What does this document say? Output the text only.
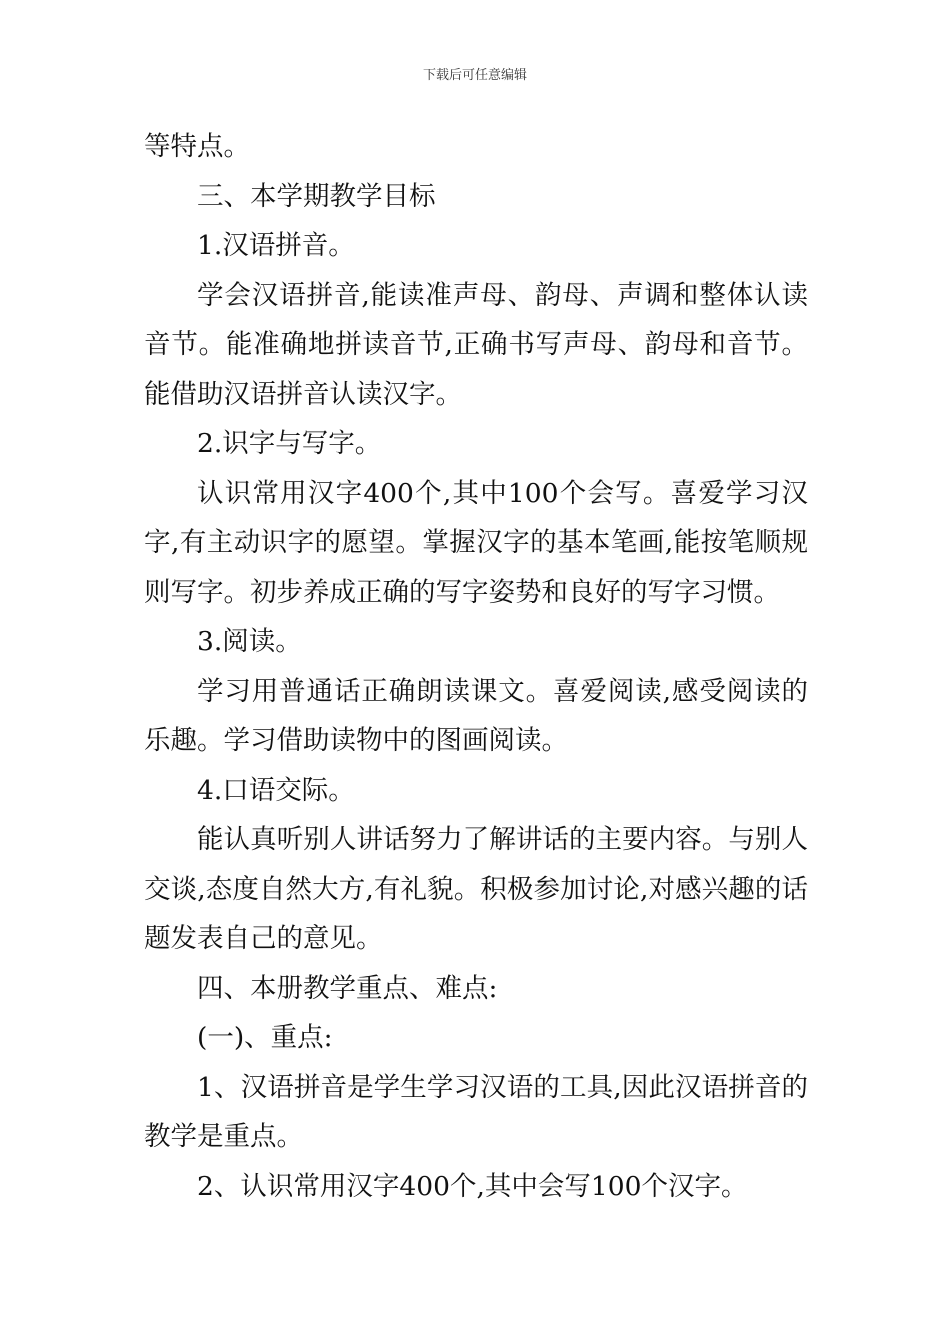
下载后可任意编辑

等特点。

三、本学期教学目标

1.汉语拼音。

学会汉语拼音,能读准声母、韵母、声调和整体认读音节。能准确地拼读音节,正确书写声母、韵母和音节。能借助汉语拼音认读汉字。

2.识字与写字。

认识常用汉字400个,其中100个会写。喜爱学习汉字,有主动识字的愿望。掌握汉字的基本笔画,能按笔顺规则写字。初步养成正确的写字姿势和良好的写字习惯。

3.阅读。

学习用普通话正确朗读课文。喜爱阅读,感受阅读的乐趣。学习借助读物中的图画阅读。

4.口语交际。

能认真听别人讲话努力了解讲话的主要内容。与别人交谈,态度自然大方,有礼貌。积极参加讨论,对感兴趣的话题发表自己的意见。

四、本册教学重点、难点:

(一)、重点:

1、汉语拼音是学生学习汉语的工具,因此汉语拼音的教学是重点。

2、认识常用汉字400个,其中会写100个汉字。
